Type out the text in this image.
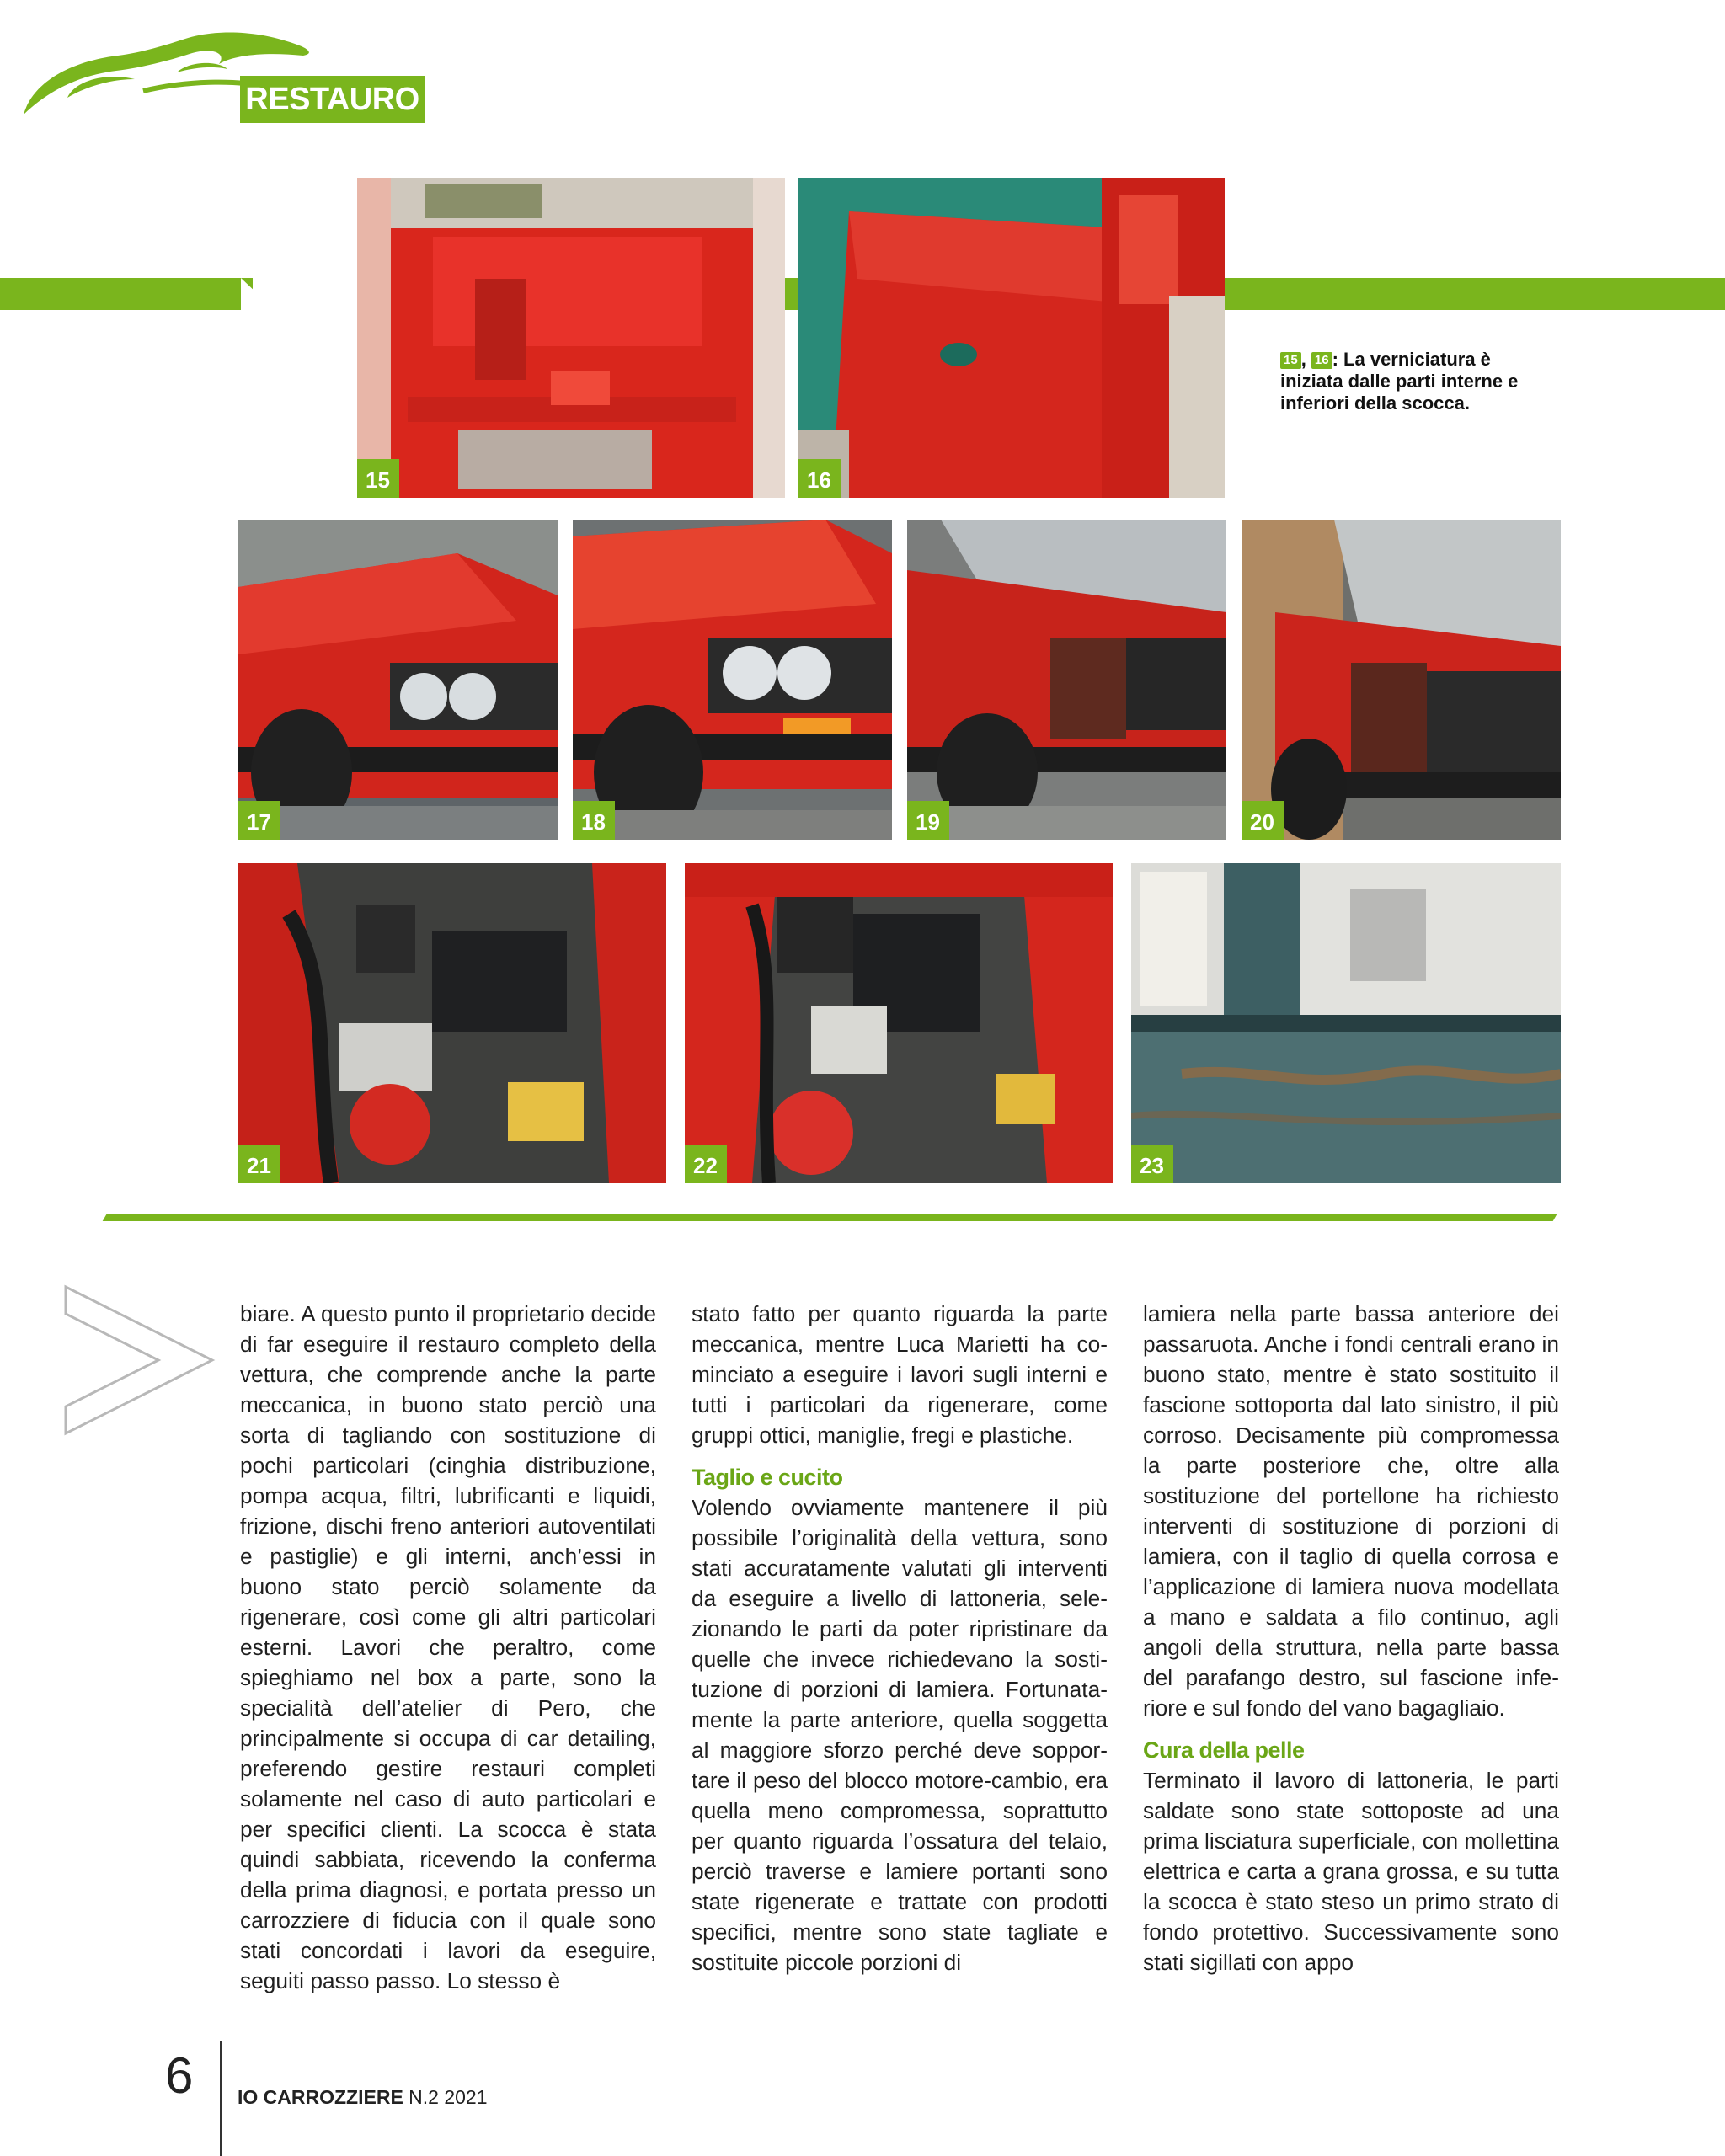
RESTAURO
15	16
15 , 16 : La verniciatura è iniziata dalle parti interne e inferiori della scocca.
17	18	19	20
21	22	23

biare. A questo punto il proprietario decide di far eseguire il restauro completo della vettura, che comprende anche la parte meccanica, in buono stato perciò una sorta di tagliando con sostituzione di pochi particolari (cinghia distribuzione, pompa acqua, filtri, lubrificanti e liquidi, frizione, dischi freno anteriori autoventilati e pastiglie) e gli interni, anch’essi in buono stato perciò solamente da rigenerare, così come gli altri particolari esterni. Lavori che peraltro, come spieghiamo nel box a parte, sono la specialità dell’atelier di Pero, che principalmente si occupa di car detailing, preferendo gestire restauri completi solamente nel caso di auto particolari e per specifici clienti. La scocca è stata quindi sabbiata, ricevendo la conferma della prima diagnosi, e portata presso un carrozziere di fiducia con il quale sono stati concordati i lavori da eseguire, seguiti passo passo. Lo stesso è

stato fatto per quanto riguarda la parte meccanica, mentre Luca Marietti ha cominciato a eseguire i lavori sugli interni e tutti i particolari da rigenerare, come gruppi ottici, maniglie, fregi e plastiche.

Taglio e cucito

Volendo ovviamente mantenere il più possibile l’originalità della vettura, sono stati accuratamente valutati gli interventi da eseguire a livello di lattoneria, selezionando le parti da poter ripristinare da quelle che invece richiedevano la sostituzione di porzioni di lamiera. Fortunatamente la parte anteriore, quella soggetta al maggiore sforzo perché deve sopportare il peso del blocco motore-cambio, era quella meno compromessa, soprattutto per quanto riguarda l’ossatura del telaio, perciò traverse e lamiere portanti sono state rigenerate e trattate con prodotti specifici, mentre sono state tagliate e sostituite piccole porzioni di

lamiera nella parte bassa anteriore dei passaruota. Anche i fondi centrali erano in buono stato, mentre è stato sostituito il fascione sottoporta dal lato sinistro, il più corroso. Decisamente più compromessa la parte posteriore che, oltre alla sostituzione del portellone ha richiesto interventi di sostituzione di porzioni di lamiera, con il taglio di quella corrosa e l’applicazione di lamiera nuova modellata a mano e saldata a filo continuo, agli angoli della struttura, nella parte bassa del parafango destro, sul fascione inferiore e sul fondo del vano bagagliaio.

Cura della pelle

Terminato il lavoro di lattoneria, le parti saldate sono state sottoposte ad una prima lisciatura superficiale, con mollettina elettrica e carta a grana grossa, e su tutta la scocca è stato steso un primo strato di fondo protettivo. Successivamente sono stati sigillati con appo

6 IO CARROZZIERE N.2 2021
